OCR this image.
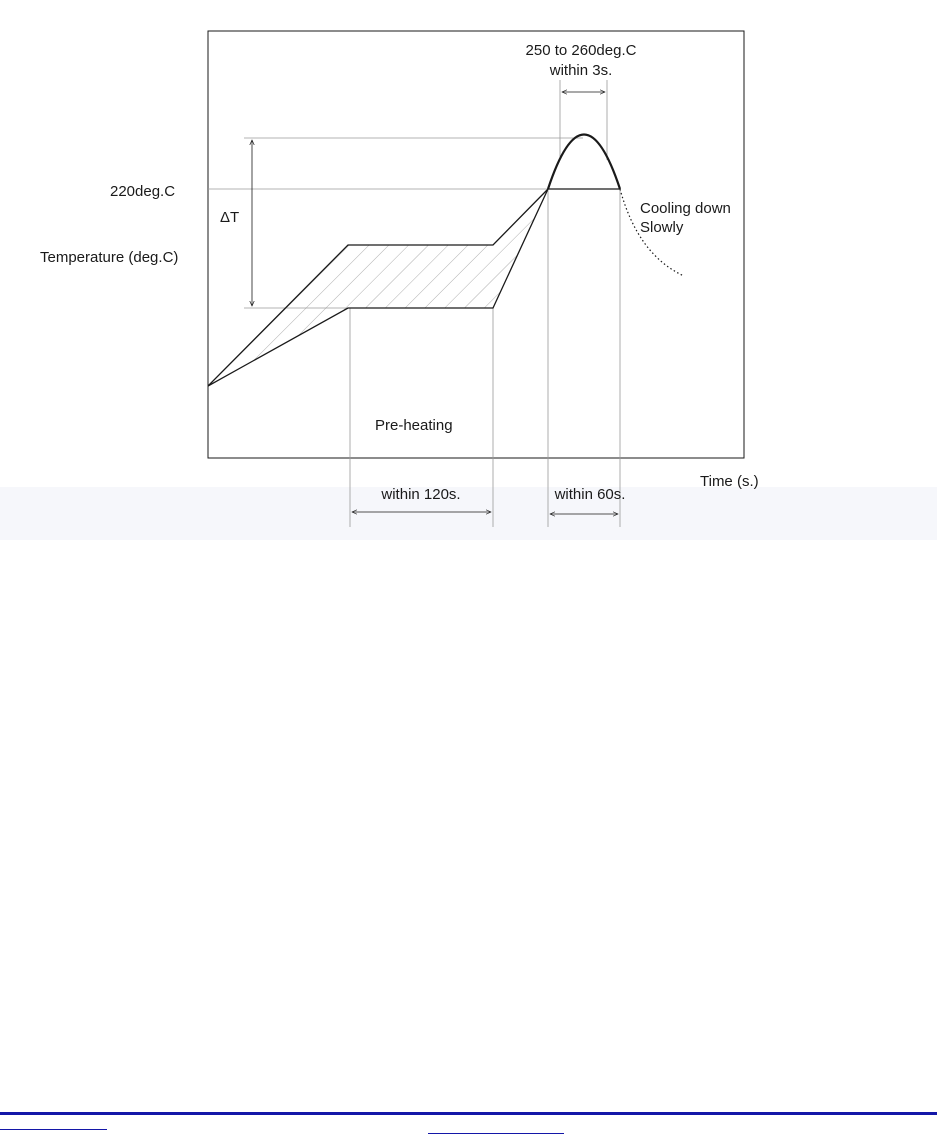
250 to 260deg.C
within 3s.
220deg.C
ΔT
Temperature (deg.C)
Cooling down
Slowly
Pre-heating
Time (s.)
within 120s.	within 60s.
